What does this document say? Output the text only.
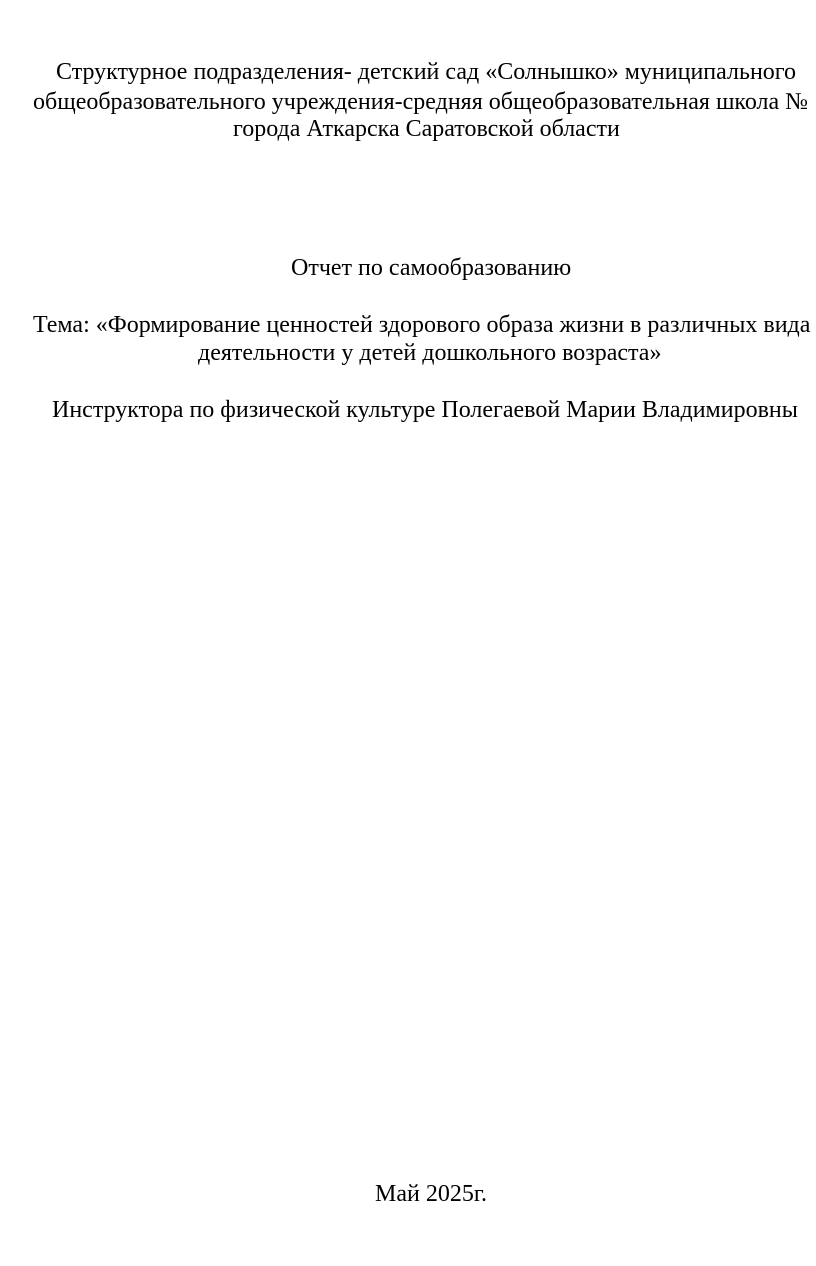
Структурное подразделения- детский сад «Солнышко» муниципального
общеобразовательного учреждения-средняя общеобразовательная школа №
города Аткарска Саратовской области
Отчет по самообразованию
Тема: «Формирование ценностей здорового образа жизни в различных вида
деятельности у детей дошкольного возраста»
Инструктора по физической культуре Полегаевой Марии Владимировны
Май 2025г.
